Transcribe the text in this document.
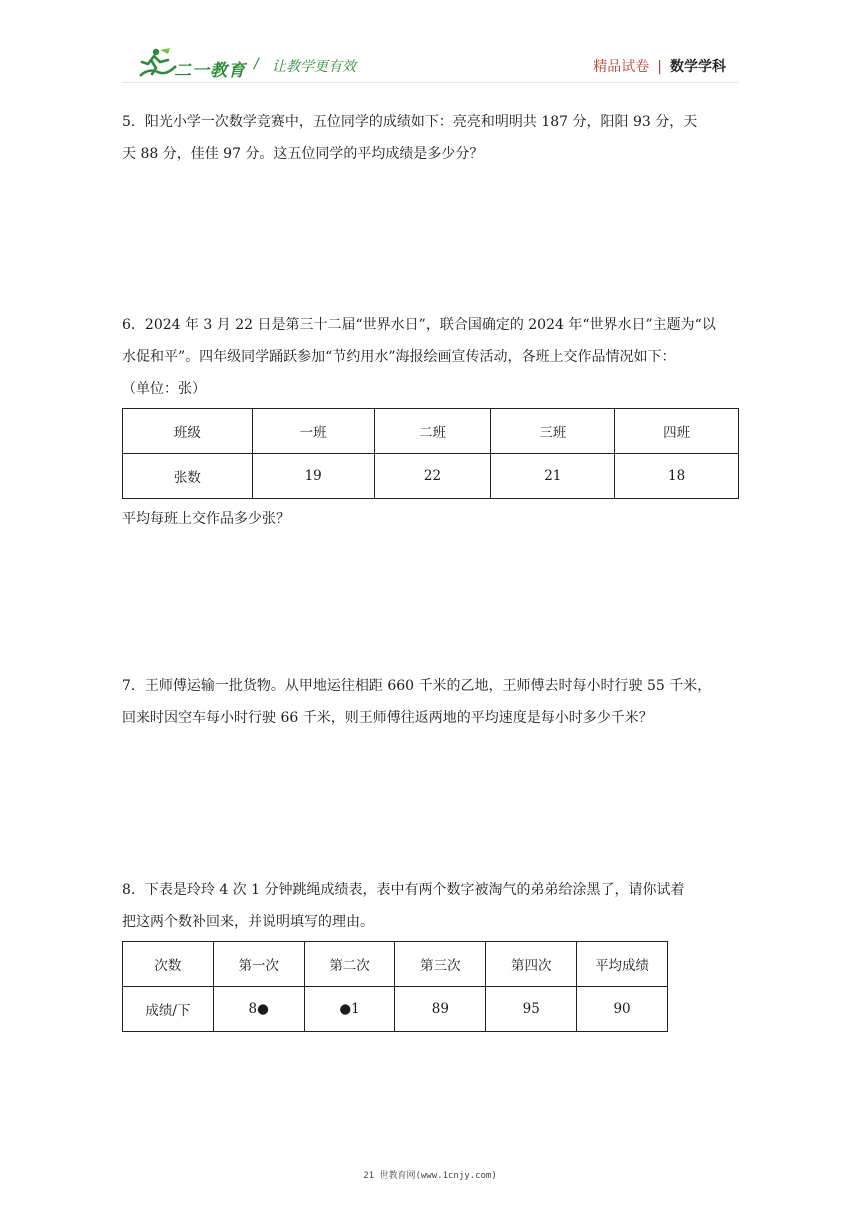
二一教育 / 让教学更有效	精品试卷 | 数学学科

5．阳光小学一次数学竞赛中，五位同学的成绩如下：亮亮和明明共 187 分，阳阳 93 分，天

天 88 分，佳佳 97 分。这五位同学的平均成绩是多少分？

6．2024 年 3 月 22 日是第三十二届“世界水日”，联合国确定的 2024 年“世界水日”主题为“以

水促和平”。四年级同学踊跃参加“节约用水”海报绘画宣传活动，各班上交作品情况如下：

（单位：张）

班级	一班	二班	三班	四班
张数	19	22	21	18

平均每班上交作品多少张？

7．王师傅运输一批货物。从甲地运往相距 660 千米的乙地，王师傅去时每小时行驶 55 千米，

回来时因空车每小时行驶 66 千米，则王师傅往返两地的平均速度是每小时多少千米？

8．下表是玲玲 4 次 1 分钟跳绳成绩表，表中有两个数字被淘气的弟弟给涂黑了，请你试着

把这两个数补回来，并说明填写的理由。

次数	第一次	第二次	第三次	第四次	平均成绩
成绩/下	8●	●1	89	95	90
21 世教育网(www.1cnjy.com)
